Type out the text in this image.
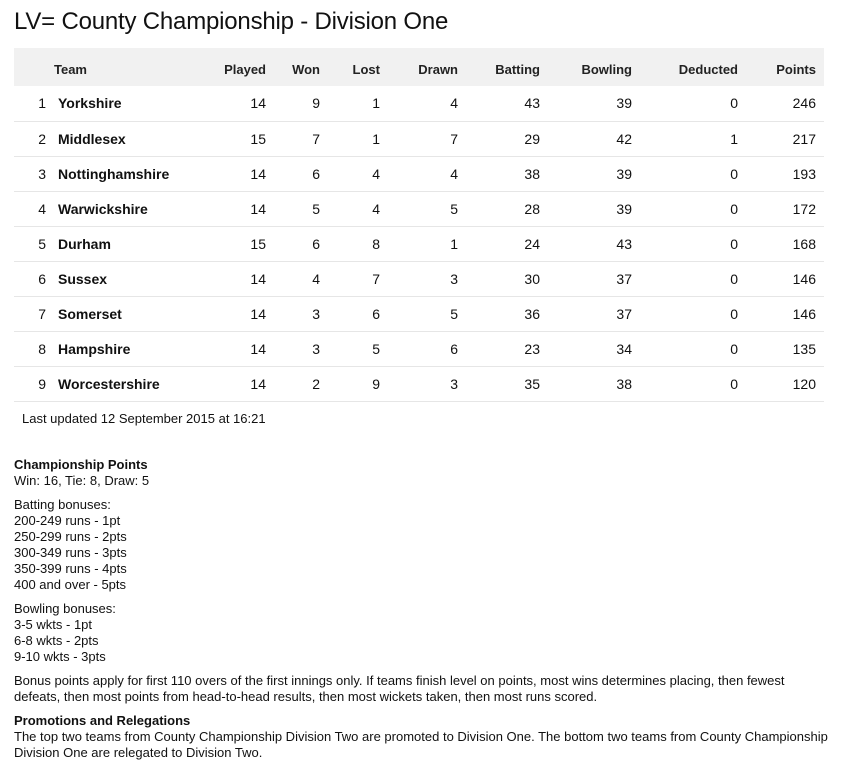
LV= County Championship - Division One
	Team	Played	Won	Lost	Drawn	Batting	Bowling	Deducted	Points
1	Yorkshire	14	9	1	4	43	39	0	246
2	Middlesex	15	7	1	7	29	42	1	217
3	Nottinghamshire	14	6	4	4	38	39	0	193
4	Warwickshire	14	5	4	5	28	39	0	172
5	Durham	15	6	8	1	24	43	0	168
6	Sussex	14	4	7	3	30	37	0	146
7	Somerset	14	3	6	5	36	37	0	146
8	Hampshire	14	3	5	6	23	34	0	135
9	Worcestershire	14	2	9	3	35	38	0	120
Last updated 12 September 2015 at 16:21
Championship Points
Win: 16, Tie: 8, Draw: 5
Batting bonuses:
200-249 runs - 1pt
250-299 runs - 2pts
300-349 runs - 3pts
350-399 runs - 4pts
400 and over - 5pts
Bowling bonuses:
3-5 wkts - 1pt
6-8 wkts - 2pts
9-10 wkts - 3pts
Bonus points apply for first 110 overs of the first innings only. If teams finish level on points, most wins determines placing, then fewest defeats, then most points from head-to-head results, then most wickets taken, then most runs scored.
Promotions and Relegations
The top two teams from County Championship Division Two are promoted to Division One. The bottom two teams from County Championship Division One are relegated to Division Two.
